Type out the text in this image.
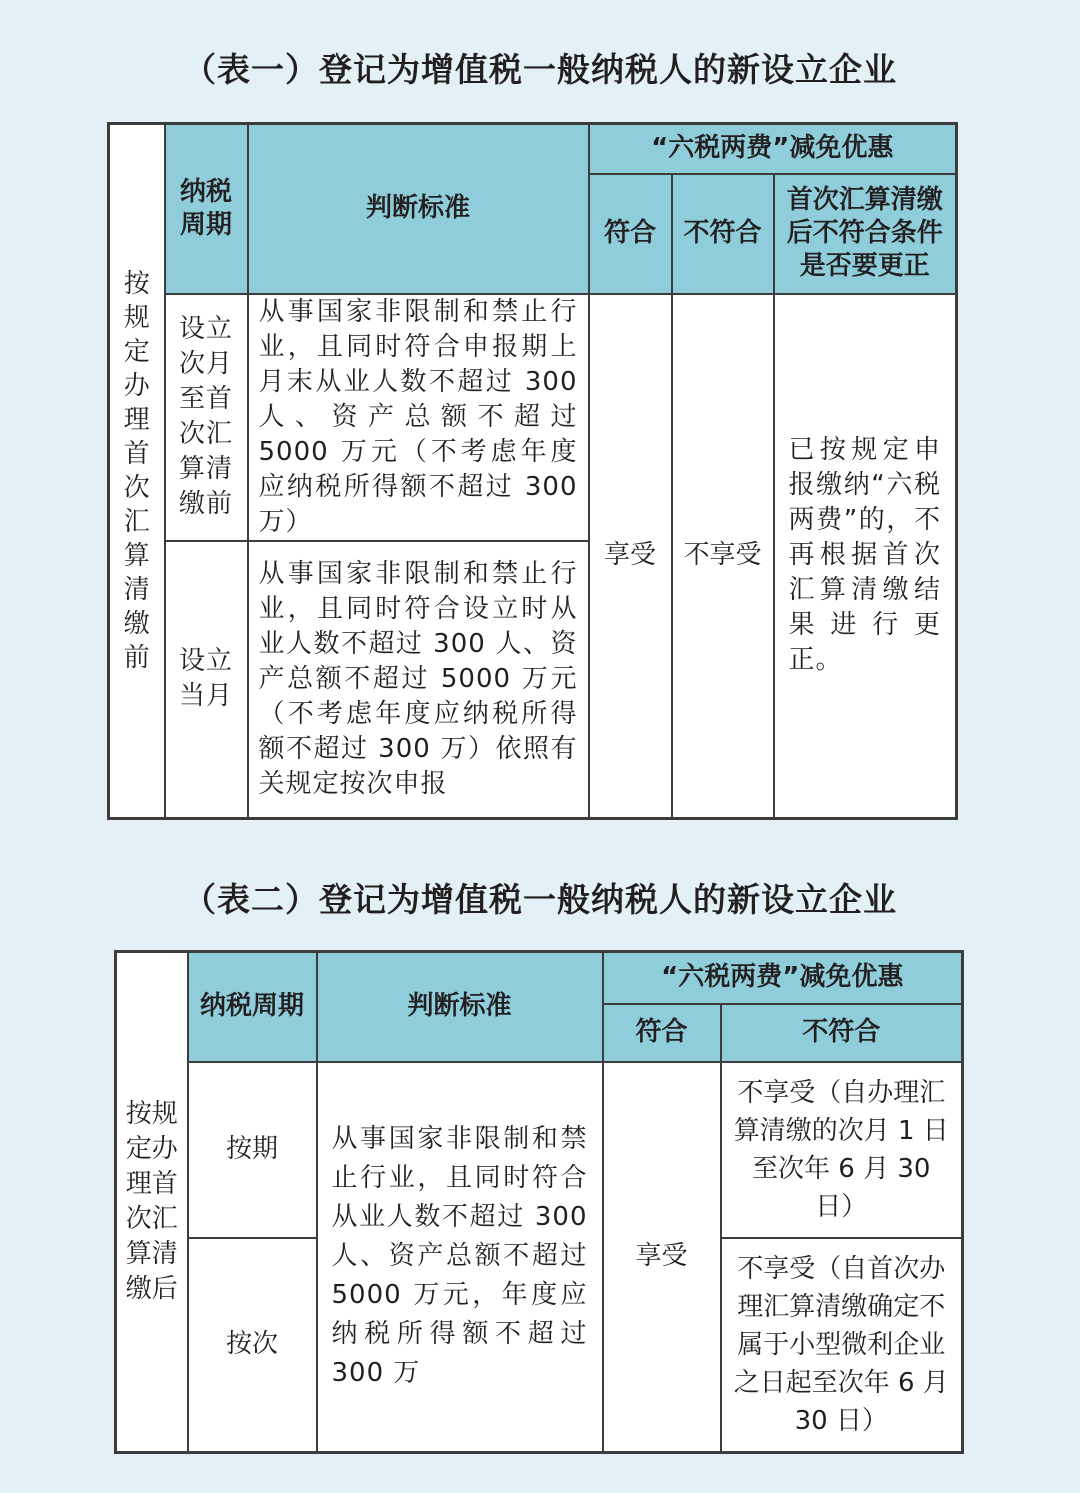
（表一）登记为增值税一般纳税人的新设立企业
按规定办理首次汇算清缴前	纳税周期	判断标准	“六税两费”减免优惠		
			符合	不符合	首次汇算清缴后不符合条件是否要更正

	设立次月至首次汇算清缴前	从事国家非限制和禁止行业，且同时符合申报期上月末从业人数不超过 300 人、资产总额不超过 5000 万元（不考虑年度应纳税所得额不超过 300 万）	享受	不享受	已按规定申报缴纳“六税两费”的，不再根据首次汇算清缴结果进行更正。

	设立当月	从事国家非限制和禁止行业，且同时符合设立时从业人数不超过 300 人、资产总额不超过 5000 万元（不考虑年度应纳税所得额不超过 300 万）依照有关规定按次申报			
（表二）登记为增值税一般纳税人的新设立企业
按规定办理首次汇算清缴后	纳税周期	判断标准	“六税两费”减免优惠	
			符合	不符合
	按期	从事国家非限制和禁止行业，且同时符合从业人数不超过 300 人、资产总额不超过 5000 万元，年度应纳税所得额不超过 300 万	享受	不享受（自办理汇算清缴的次月 1 日至次年 6 月 30 日）

	按次			不享受（自首次办理汇算清缴确定不属于小型微利企业之日起至次年 6 月 30 日）
